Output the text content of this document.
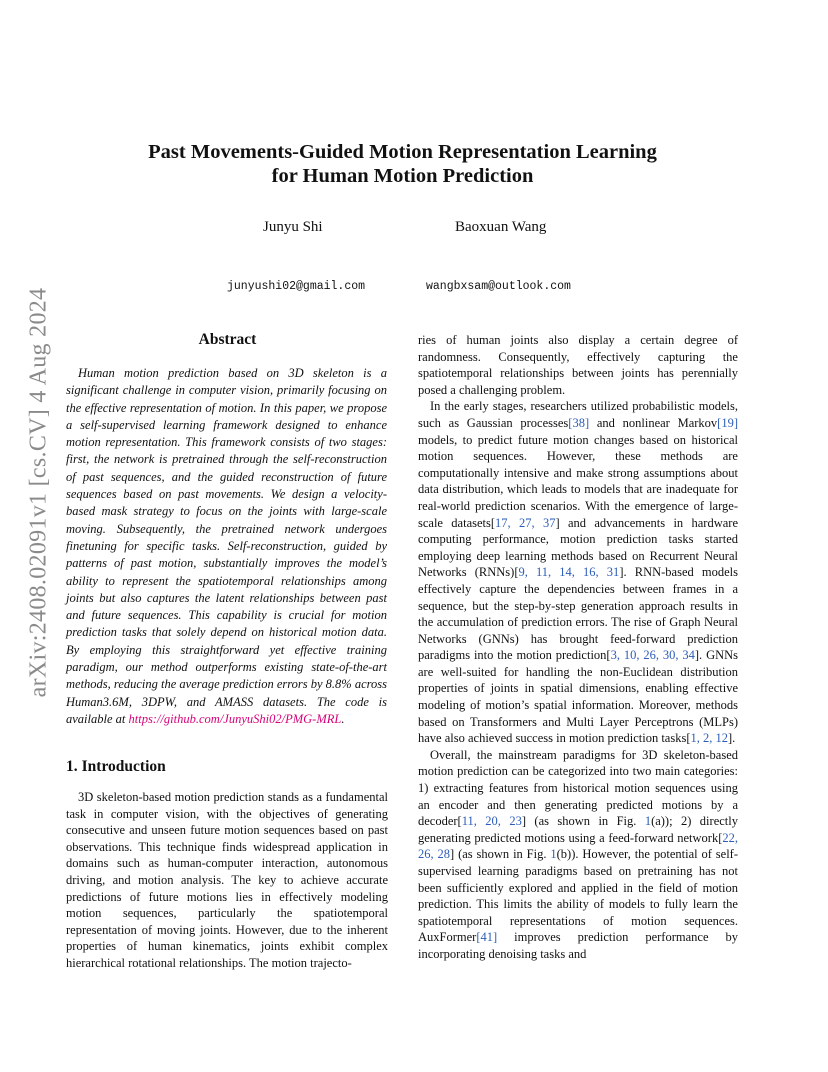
arXiv:2408.02091v1 [cs.CV] 4 Aug 2024
Past Movements-Guided Motion Representation Learning
for Human Motion Prediction
Junyu Shi	Baoxuan Wang
junyushi02@gmail.com	wangbxsam@outlook.com
Abstract
Human motion prediction based on 3D skeleton is a significant challenge in computer vision, primarily focusing on the effective representation of motion. In this paper, we propose a self-supervised learning framework designed to enhance motion representation. This framework consists of two stages: first, the network is pretrained through the self-reconstruction of past sequences, and the guided reconstruction of future sequences based on past movements. We design a velocity-based mask strategy to focus on the joints with large-scale moving. Subsequently, the pretrained network undergoes finetuning for specific tasks. Self-reconstruction, guided by patterns of past motion, substantially improves the model’s ability to represent the spatiotemporal relationships among joints but also captures the latent relationships between past and future sequences. This capability is crucial for motion prediction tasks that solely depend on historical motion data. By employing this straightforward yet effective training paradigm, our method outperforms existing state-of-the-art methods, reducing the average prediction errors by 8.8% across Human3.6M, 3DPW, and AMASS datasets. The code is available at https://github.com/JunyuShi02/PMG-MRL.
1. Introduction
3D skeleton-based motion prediction stands as a fundamental task in computer vision, with the objectives of generating consecutive and unseen future motion sequences based on past observations. This technique finds widespread application in domains such as human-computer interaction, autonomous driving, and motion analysis. The key to achieve accurate predictions of future motions lies in effectively modeling motion sequences, particularly the spatiotemporal representation of moving joints. However, due to the inherent properties of human kinematics, joints exhibit complex hierarchical rotational relationships. The motion trajecto-

ries of human joints also display a certain degree of randomness. Consequently, effectively capturing the spatiotemporal relationships between joints has perennially posed a challenging problem.

In the early stages, researchers utilized probabilistic models, such as Gaussian processes[38] and nonlinear Markov[19] models, to predict future motion changes based on historical motion sequences. However, these methods are computationally intensive and make strong assumptions about data distribution, which leads to models that are inadequate for real-world prediction scenarios. With the emergence of large-scale datasets[17, 27, 37] and advancements in hardware computing performance, motion prediction tasks started employing deep learning methods based on Recurrent Neural Networks (RNNs)[9, 11, 14, 16, 31]. RNN-based models effectively capture the dependencies between frames in a sequence, but the step-by-step generation approach results in the accumulation of prediction errors. The rise of Graph Neural Networks (GNNs) has brought feed-forward prediction paradigms into the motion prediction[3, 10, 26, 30, 34]. GNNs are well-suited for handling the non-Euclidean distribution properties of joints in spatial dimensions, enabling effective modeling of motion’s spatial information. Moreover, methods based on Transformers and Multi Layer Perceptrons (MLPs) have also achieved success in motion prediction tasks[1, 2, 12].

Overall, the mainstream paradigms for 3D skeleton-based motion prediction can be categorized into two main categories: 1) extracting features from historical motion sequences using an encoder and then generating predicted motions by a decoder[11, 20, 23] (as shown in Fig. 1(a)); 2) directly generating predicted motions using a feed-forward network[22, 26, 28] (as shown in Fig. 1(b)). However, the potential of self-supervised learning paradigms based on pretraining has not been sufficiently explored and applied in the field of motion prediction. This limits the ability of models to fully learn the spatiotemporal representations of motion sequences. AuxFormer[41] improves prediction performance by incorporating denoising tasks and
